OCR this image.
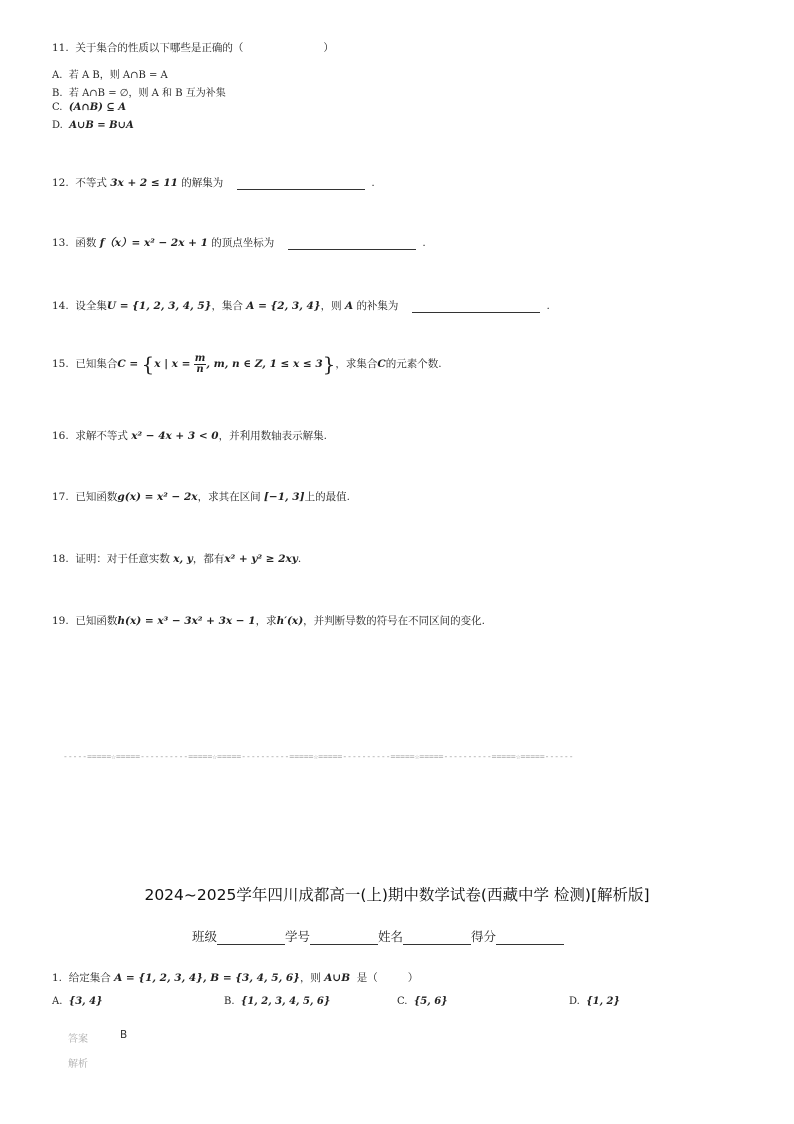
11. 关于集合的性质以下哪些是正确的（	）
A. 若 A B，则 A∩B = A
B. 若 A∩B = ∅，则 A 和 B 互为补集
C. (A∩B) ⊆ A
D. A∪B = B∪A
12. 不等式 3x + 2 ≤ 11 的解集为	.
13. 函数 f（x）= x² − 2x + 1 的顶点坐标为	.
14. 设全集U = {1, 2, 3, 4, 5}，集合 A = {2, 3, 4}，则 A 的补集为	.
15. 已知集合C = {x | $x = \frac{m}{n}$ , m, n ∈ Z, 1 ≤ x ≤ 3}，求集合C的元素个数.
16. 求解不等式 x² − 4x + 3 < 0，并利用数轴表示解集.
17. 已知函数g(x) = x² − 2x，求其在区间 [−1, 3]上的最值.
18. 证明：对于任意实数 x, y，都有x² + y² ≥ 2xy.
19. 已知函数h(x) = x³ − 3x² + 3x − 1，求h′(x)，并判断导数的符号在不同区间的变化.
-----=====☆=====----------=====☆=====----------=====☆=====----------=====☆=====----------=====☆=====------
2024~2025学年四川成都高一(上)期中数学试卷(西藏中学 检测)[解析版]
班级	学号	姓名	得分
1. 给定集合 A = {1, 2, 3, 4}, B = {3, 4, 5, 6}，则 A∪B 是（	）
A. {3, 4}	B. {1, 2, 3, 4, 5, 6}	C. {5, 6}	D. {1, 2}
答案	B
解析
